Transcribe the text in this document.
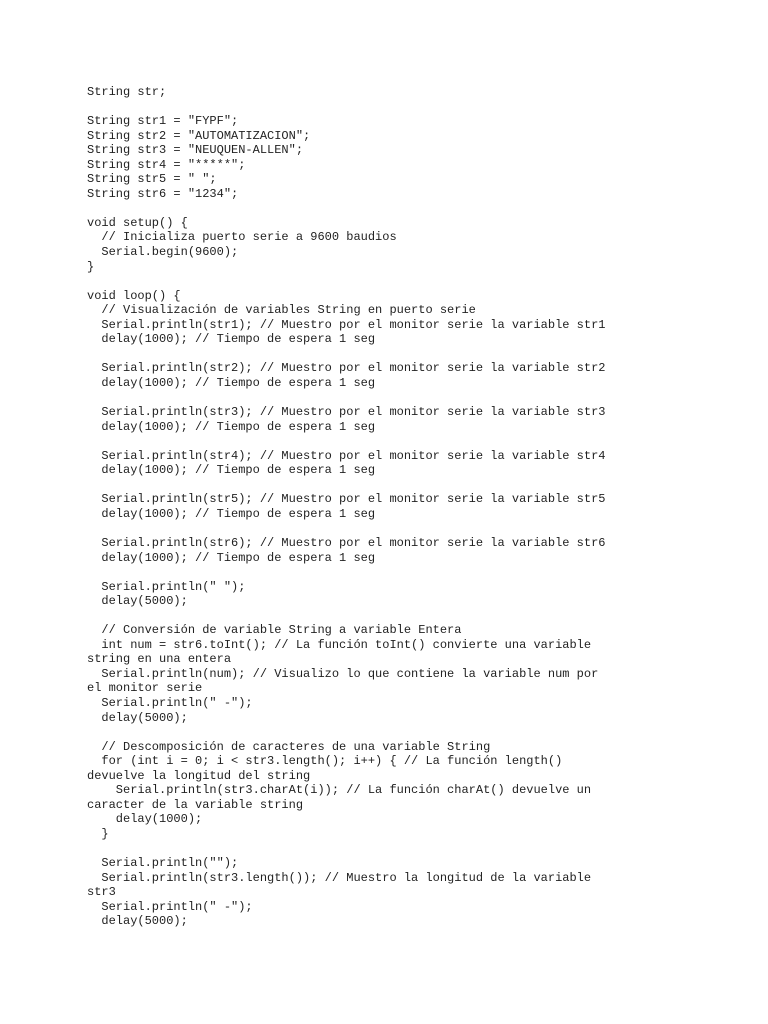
String str;
String str1 = "FYPF";
String str2 = "AUTOMATIZACION";
String str3 = "NEUQUEN-ALLEN";
String str4 = "*****";
String str5 = " ";
String str6 = "1234";
void setup() {
// Inicializa puerto serie a 9600 baudios
Serial.begin(9600);
}
void loop() {
// Visualización de variables String en puerto serie
Serial.println(str1); // Muestro por el monitor serie la variable str1
delay(1000); // Tiempo de espera 1 seg
Serial.println(str2); // Muestro por el monitor serie la variable str2
delay(1000); // Tiempo de espera 1 seg
Serial.println(str3); // Muestro por el monitor serie la variable str3
delay(1000); // Tiempo de espera 1 seg
Serial.println(str4); // Muestro por el monitor serie la variable str4
delay(1000); // Tiempo de espera 1 seg
Serial.println(str5); // Muestro por el monitor serie la variable str5
delay(1000); // Tiempo de espera 1 seg
Serial.println(str6); // Muestro por el monitor serie la variable str6
delay(1000); // Tiempo de espera 1 seg
Serial.println(" ");
delay(5000);
// Conversión de variable String a variable Entera
int num = str6.toInt(); // La función toInt() convierte una variable
string en una entera
Serial.println(num); // Visualizo lo que contiene la variable num por
el monitor serie
Serial.println(" -");
delay(5000);
// Descomposición de caracteres de una variable String
for (int i = 0; i < str3.length(); i++) { // La función length()
devuelve la longitud del string
Serial.println(str3.charAt(i)); // La función charAt() devuelve un
caracter de la variable string
delay(1000);
}
Serial.println("");
Serial.println(str3.length()); // Muestro la longitud de la variable
str3
Serial.println(" -");
delay(5000);
